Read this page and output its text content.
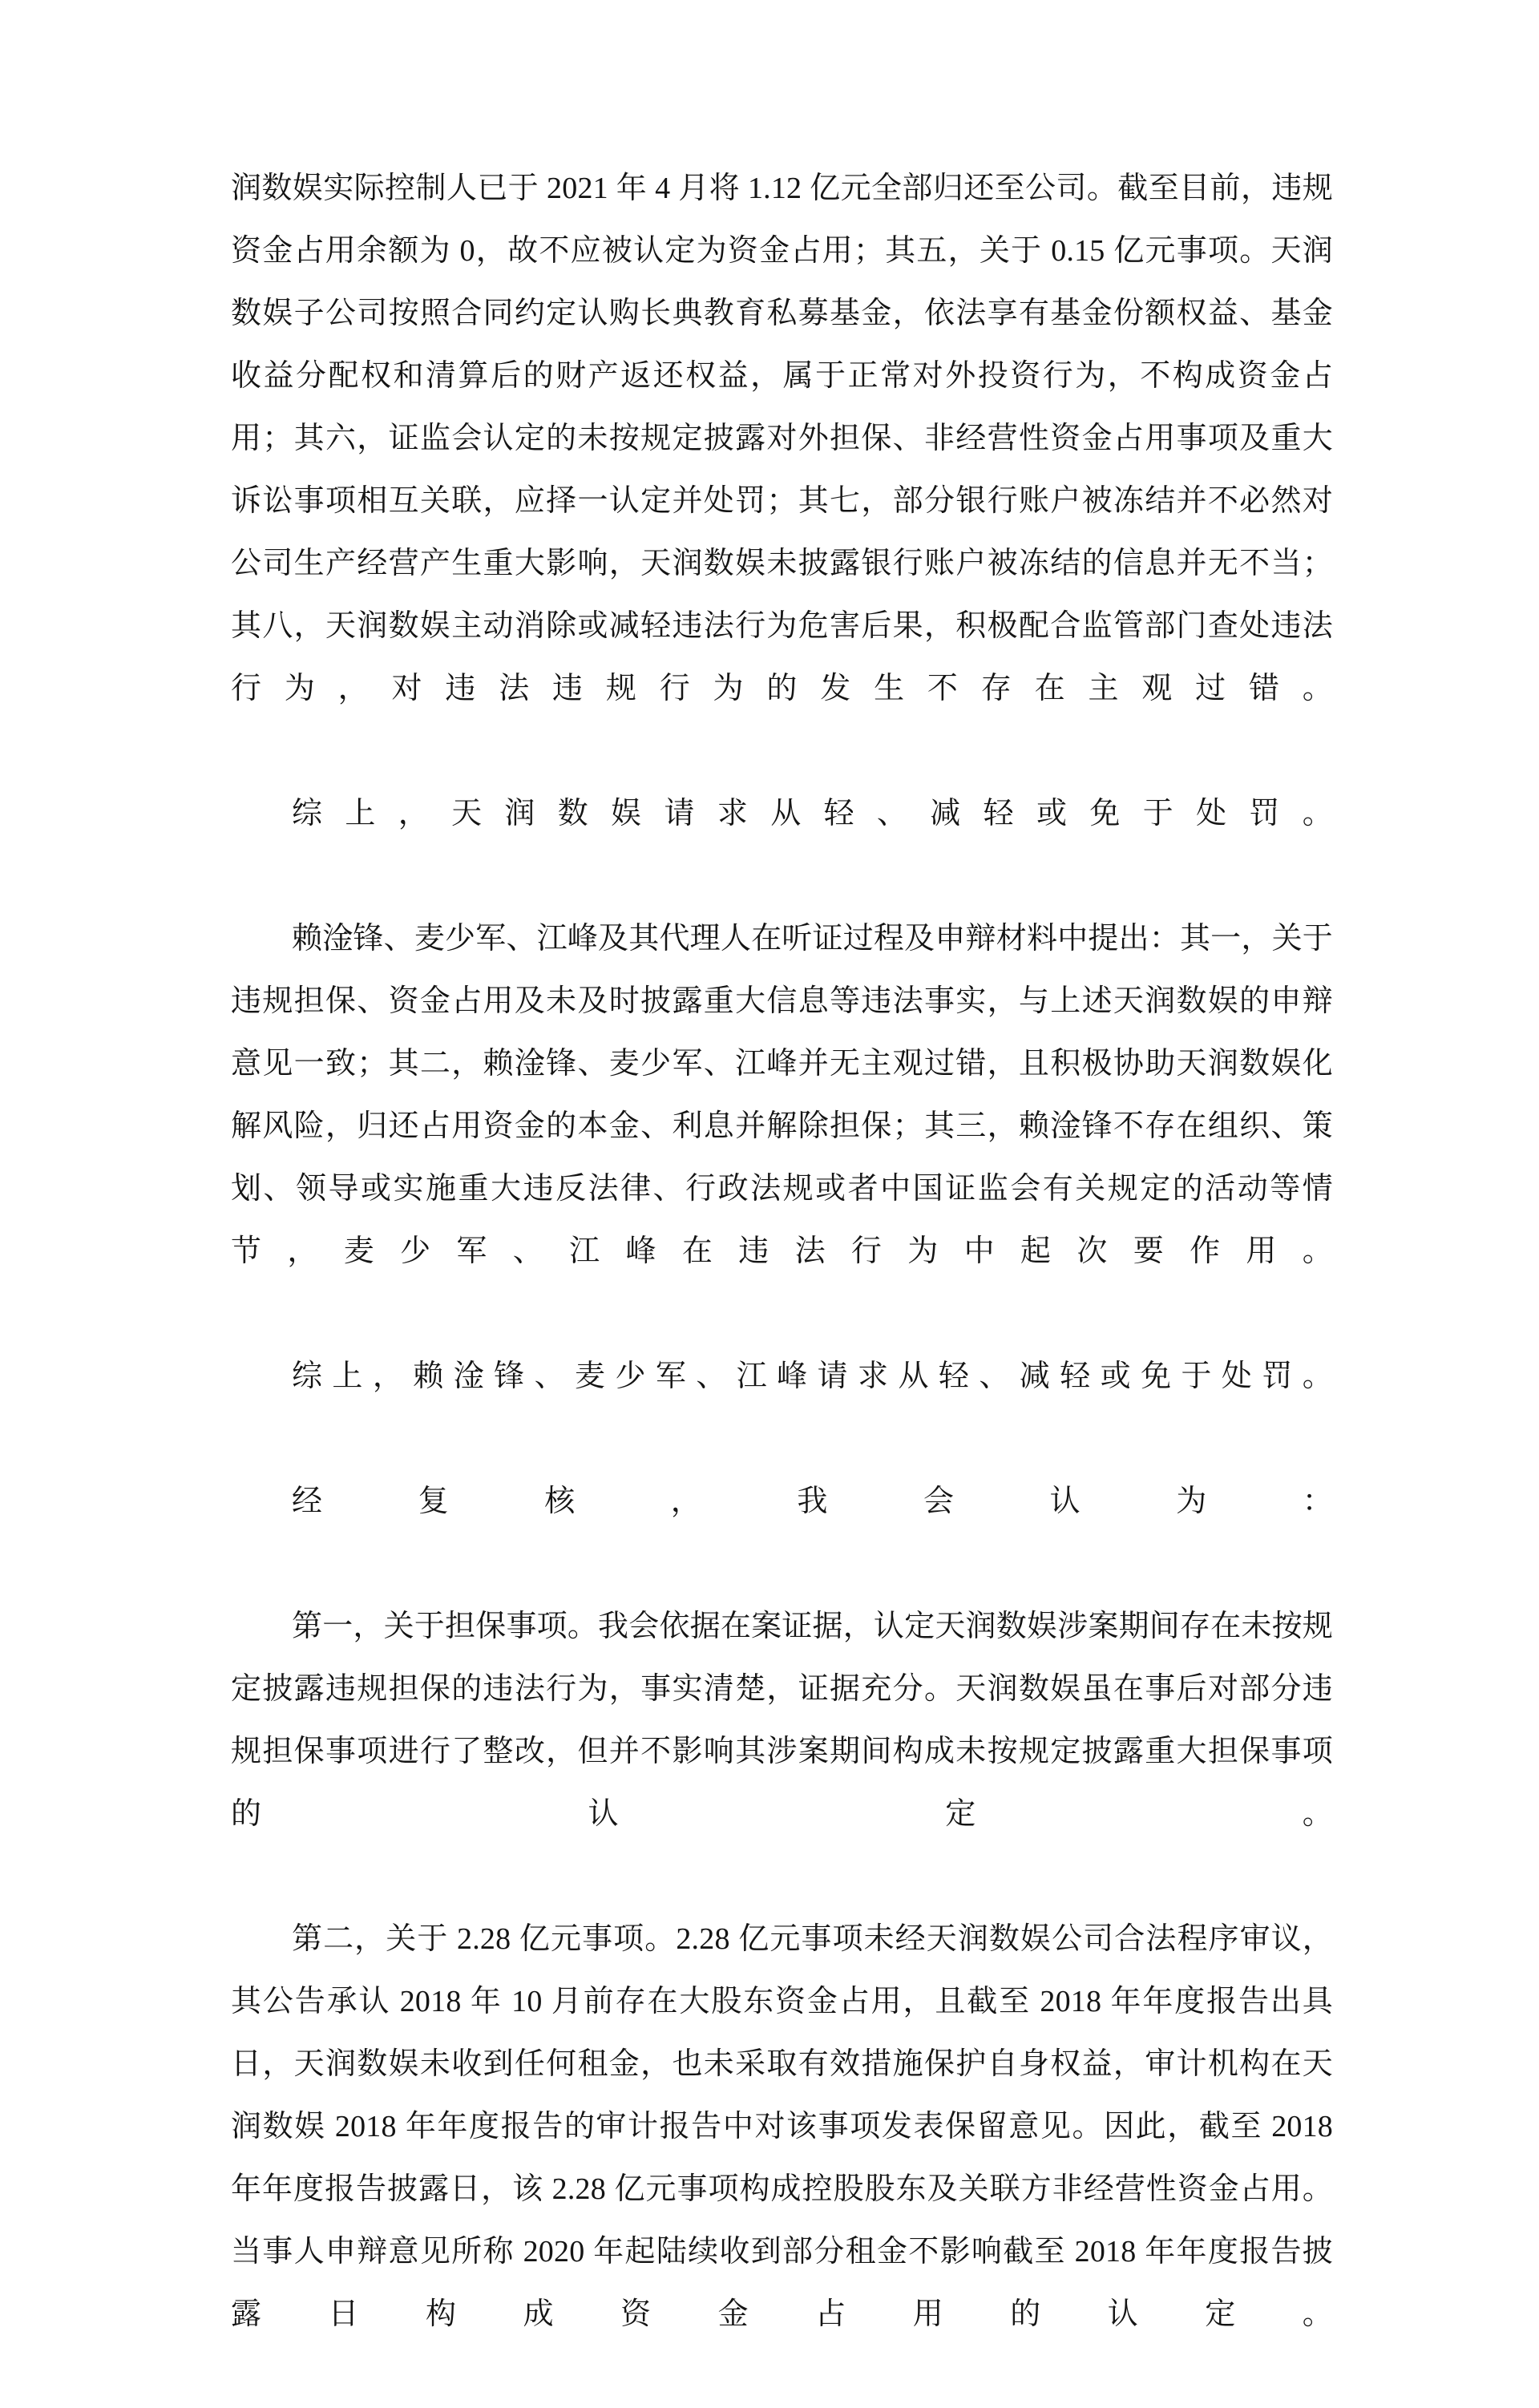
润数娱实际控制人已于 2021 年 4 月将 1.12 亿元全部归还至公司。截至目前，违规资金占用余额为 0，故不应被认定为资金占用；其五，关于 0.15 亿元事项。天润数娱子公司按照合同约定认购长典教育私募基金，依法享有基金份额权益、基金收益分配权和清算后的财产返还权益，属于正常对外投资行为，不构成资金占用；其六，证监会认定的未按规定披露对外担保、非经营性资金占用事项及重大诉讼事项相互关联，应择一认定并处罚；其七，部分银行账户被冻结并不必然对公司生产经营产生重大影响，天润数娱未披露银行账户被冻结的信息并无不当；其八，天润数娱主动消除或减轻违法行为危害后果，积极配合监管部门查处违法行为，对违法违规行为的发生不存在主观过错。

综上，天润数娱请求从轻、减轻或免于处罚。

赖淦锋、麦少军、江峰及其代理人在听证过程及申辩材料中提出：其一，关于违规担保、资金占用及未及时披露重大信息等违法事实，与上述天润数娱的申辩意见一致；其二，赖淦锋、麦少军、江峰并无主观过错，且积极协助天润数娱化解风险，归还占用资金的本金、利息并解除担保；其三，赖淦锋不存在组织、策划、领导或实施重大违反法律、行政法规或者中国证监会有关规定的活动等情节，麦少军、江峰在违法行为中起次要作用。

综上，赖淦锋、麦少军、江峰请求从轻、减轻或免于处罚。

经复核，我会认为：

第一，关于担保事项。我会依据在案证据，认定天润数娱涉案期间存在未按规定披露违规担保的违法行为，事实清楚，证据充分。天润数娱虽在事后对部分违规担保事项进行了整改，但并不影响其涉案期间构成未按规定披露重大担保事项的认定。

第二，关于 2.28 亿元事项。2.28 亿元事项未经天润数娱公司合法程序审议，其公告承认 2018 年 10 月前存在大股东资金占用，且截至 2018 年年度报告出具日，天润数娱未收到任何租金，也未采取有效措施保护自身权益，审计机构在天润数娱 2018 年年度报告的审计报告中对该事项发表保留意见。因此，截至 2018 年年度报告披露日，该 2.28 亿元事项构成控股股东及关联方非经营性资金占用。当事人申辩意见所称 2020 年起陆续收到部分租金不影响截至 2018 年年度报告披露日构成资金占用的认定。
